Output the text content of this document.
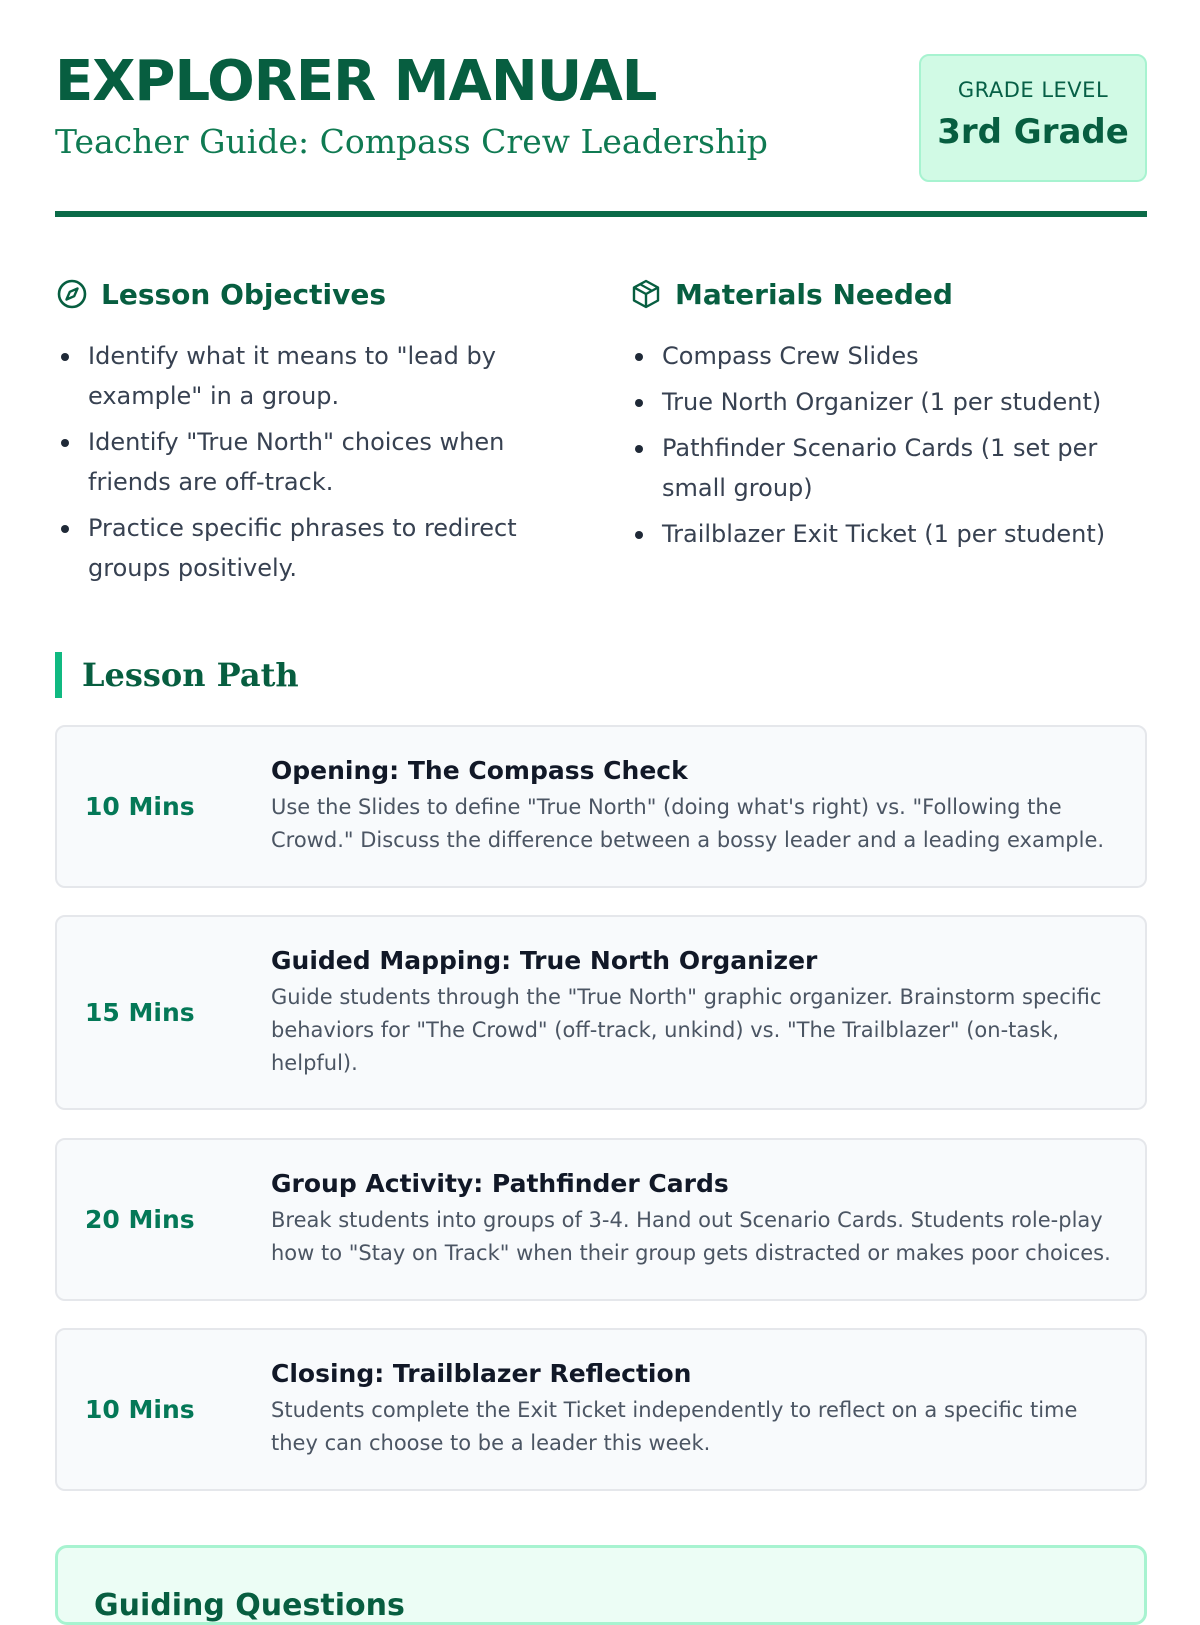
EXPLORER MANUAL
Teacher Guide: Compass Crew Leadership
GRADE LEVEL
3rd Grade
Lesson Objectives
Identify what it means to "lead by example" in a group.
Identify "True North" choices when friends are off-track.
Practice specific phrases to redirect groups positively.
Materials Needed
Compass Crew Slides
True North Organizer (1 per student)
Pathfinder Scenario Cards (1 set per small group)
Trailblazer Exit Ticket (1 per student)
Lesson Path
10 Mins
Opening: The Compass Check

Use the Slides to define "True North" (doing what's right) vs. "Following the Crowd." Discuss the difference between a bossy leader and a leading example.

15 Mins
Guided Mapping: True North Organizer

Guide students through the "True North" graphic organizer. Brainstorm specific behaviors for "The Crowd" (off-track, unkind) vs. "The Trailblazer" (on-task, helpful).

20 Mins
Group Activity: Pathfinder Cards

Break students into groups of 3-4. Hand out Scenario Cards. Students role-play how to "Stay on Track" when their group gets distracted or makes poor choices.

10 Mins
Closing: Trailblazer Reflection

Students complete the Exit Ticket independently to reflect on a specific time they can choose to be a leader this week.

Guiding Questions
